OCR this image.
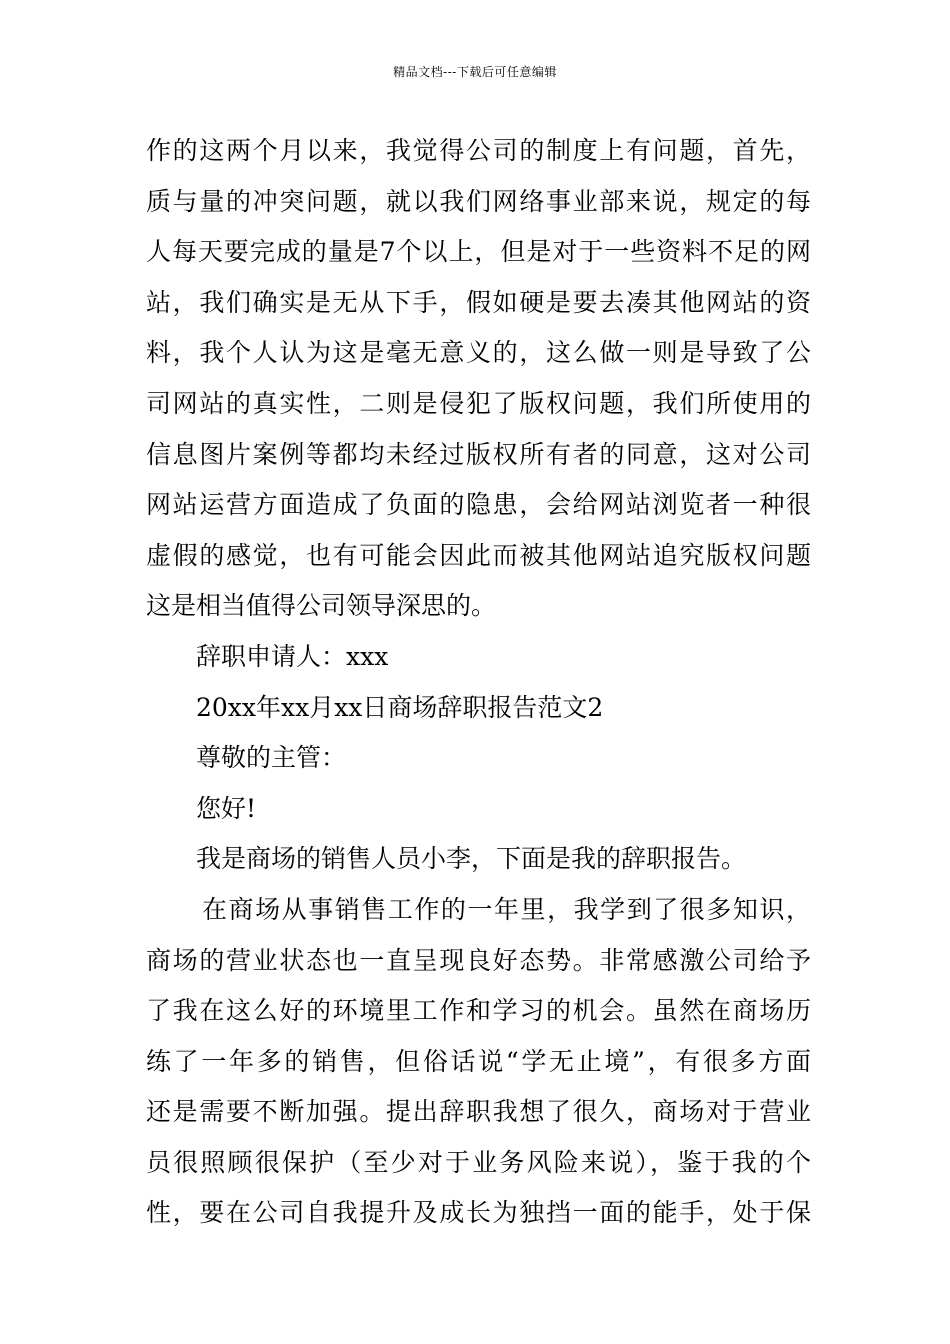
精品文档---下载后可任意编辑
作的这两个月以来，我觉得公司的制度上有问题，首先，
质与量的冲突问题，就以我们网络事业部来说，规定的每
人每天要完成的量是7个以上，但是对于一些资料不足的网
站，我们确实是无从下手，假如硬是要去凑其他网站的资
料，我个人认为这是毫无意义的，这么做一则是导致了公
司网站的真实性，二则是侵犯了版权问题，我们所使用的
信息图片案例等都均未经过版权所有者的同意，这对公司
网站运营方面造成了负面的隐患，会给网站浏览者一种很
虚假的感觉，也有可能会因此而被其他网站追究版权问题
这是相当值得公司领导深思的。
辞职申请人：xxx
20xx年xx月xx日商场辞职报告范文2
尊敬的主管：
您好!
我是商场的销售人员小李，下面是我的辞职报告。
在商场从事销售工作的一年里，我学到了很多知识，
商场的营业状态也一直呈现良好态势。非常感激公司给予
了我在这么好的环境里工作和学习的机会。虽然在商场历
练了一年多的销售，但俗话说“学无止境”，有很多方面
还是需要不断加强。提出辞职我想了很久，商场对于营业
员很照顾很保护（至少对于业务风险来说），鉴于我的个
性，要在公司自我提升及成长为独挡一面的能手，处于保
